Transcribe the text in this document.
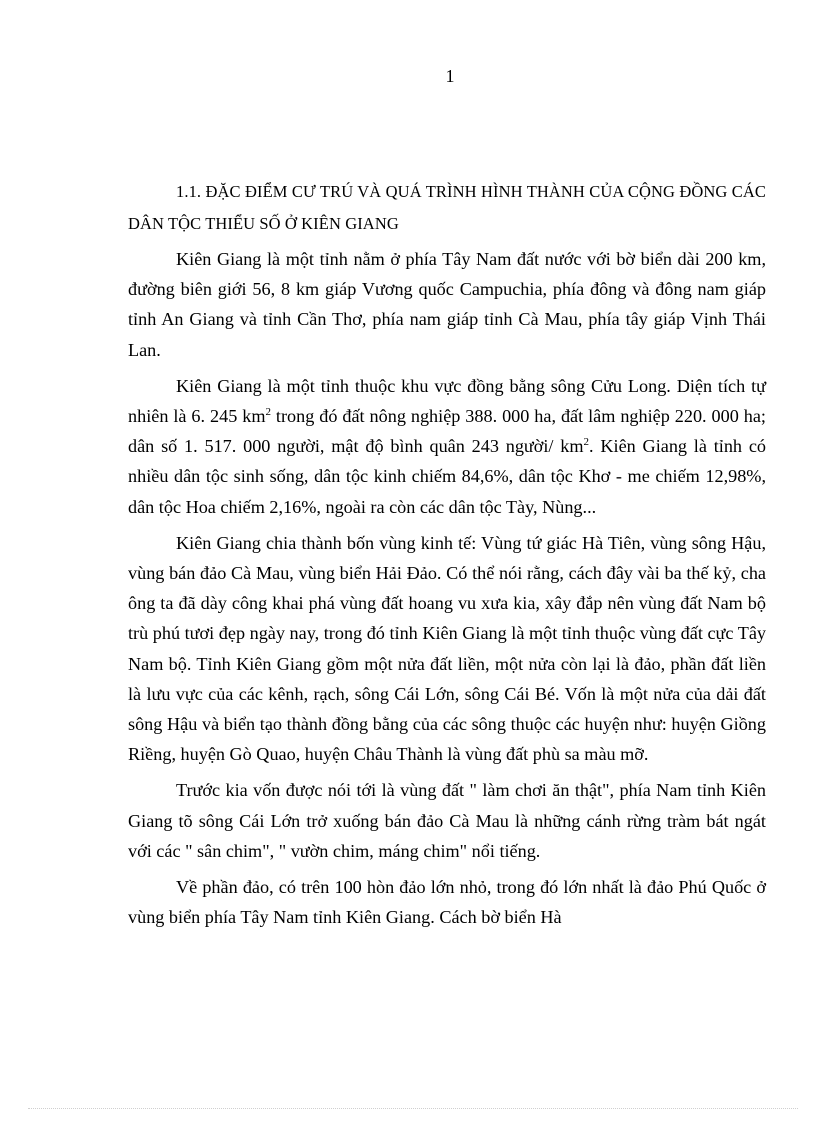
1

1.1. ĐẶC ĐIỂM CƯ TRÚ VÀ QUÁ TRÌNH HÌNH THÀNH CỦA CỘNG ĐỒNG CÁC DÂN TỘC THIỂU SỐ Ở KIÊN GIANG

Kiên Giang là một tỉnh nằm ở phía Tây Nam đất nước với bờ biển dài 200 km, đường biên giới 56, 8 km giáp Vương quốc Campuchia, phía đông và đông nam giáp tỉnh An Giang và tỉnh Cần Thơ, phía nam giáp tỉnh Cà Mau, phía tây giáp Vịnh Thái Lan.

Kiên Giang là một tỉnh thuộc khu vực đồng bằng sông Cửu Long. Diện tích tự nhiên là 6. 245 $km^2$ trong đó đất nông nghiệp 388. 000 ha, đất lâm nghiệp 220. 000 ha; dân số 1. 517. 000 người, mật độ bình quân 243 người/ $km^2$. Kiên Giang là tỉnh có nhiều dân tộc sinh sống, dân tộc kinh chiếm 84,6%, dân tộc Khơ - me chiếm 12,98%, dân tộc Hoa chiếm 2,16%, ngoài ra còn các dân tộc Tày, Nùng...

Kiên Giang chia thành bốn vùng kinh tế: Vùng tứ giác Hà Tiên, vùng sông Hậu, vùng bán đảo Cà Mau, vùng biển Hải Đảo. Có thể nói rằng, cách đây vài ba thế kỷ, cha ông ta đã dày công khai phá vùng đất hoang vu xưa kia, xây đắp nên vùng đất Nam bộ trù phú tươi đẹp ngày nay, trong đó tỉnh Kiên Giang là một tỉnh thuộc vùng đất cực Tây Nam bộ. Tỉnh Kiên Giang gồm một nửa đất liền, một nửa còn lại là đảo, phần đất liền là lưu vực của các kênh, rạch, sông Cái Lớn, sông Cái Bé. Vốn là một nửa của dải đất sông Hậu và biển tạo thành đồng bằng của các sông thuộc các huyện như: huyện Giồng Riềng, huyện Gò Quao, huyện Châu Thành là vùng đất phù sa màu mỡ.

Trước kia vốn được nói tới là vùng đất " làm chơi ăn thật", phía Nam tỉnh Kiên Giang tõ sông Cái Lớn trở xuống bán đảo Cà Mau là những cánh rừng tràm bát ngát với các " sân chim", " vườn chim, máng chim" nổi tiếng.

Về phần đảo, có trên 100 hòn đảo lớn nhỏ, trong đó lớn nhất là đảo Phú Quốc ở vùng biển phía Tây Nam tỉnh Kiên Giang. Cách bờ biển Hà
